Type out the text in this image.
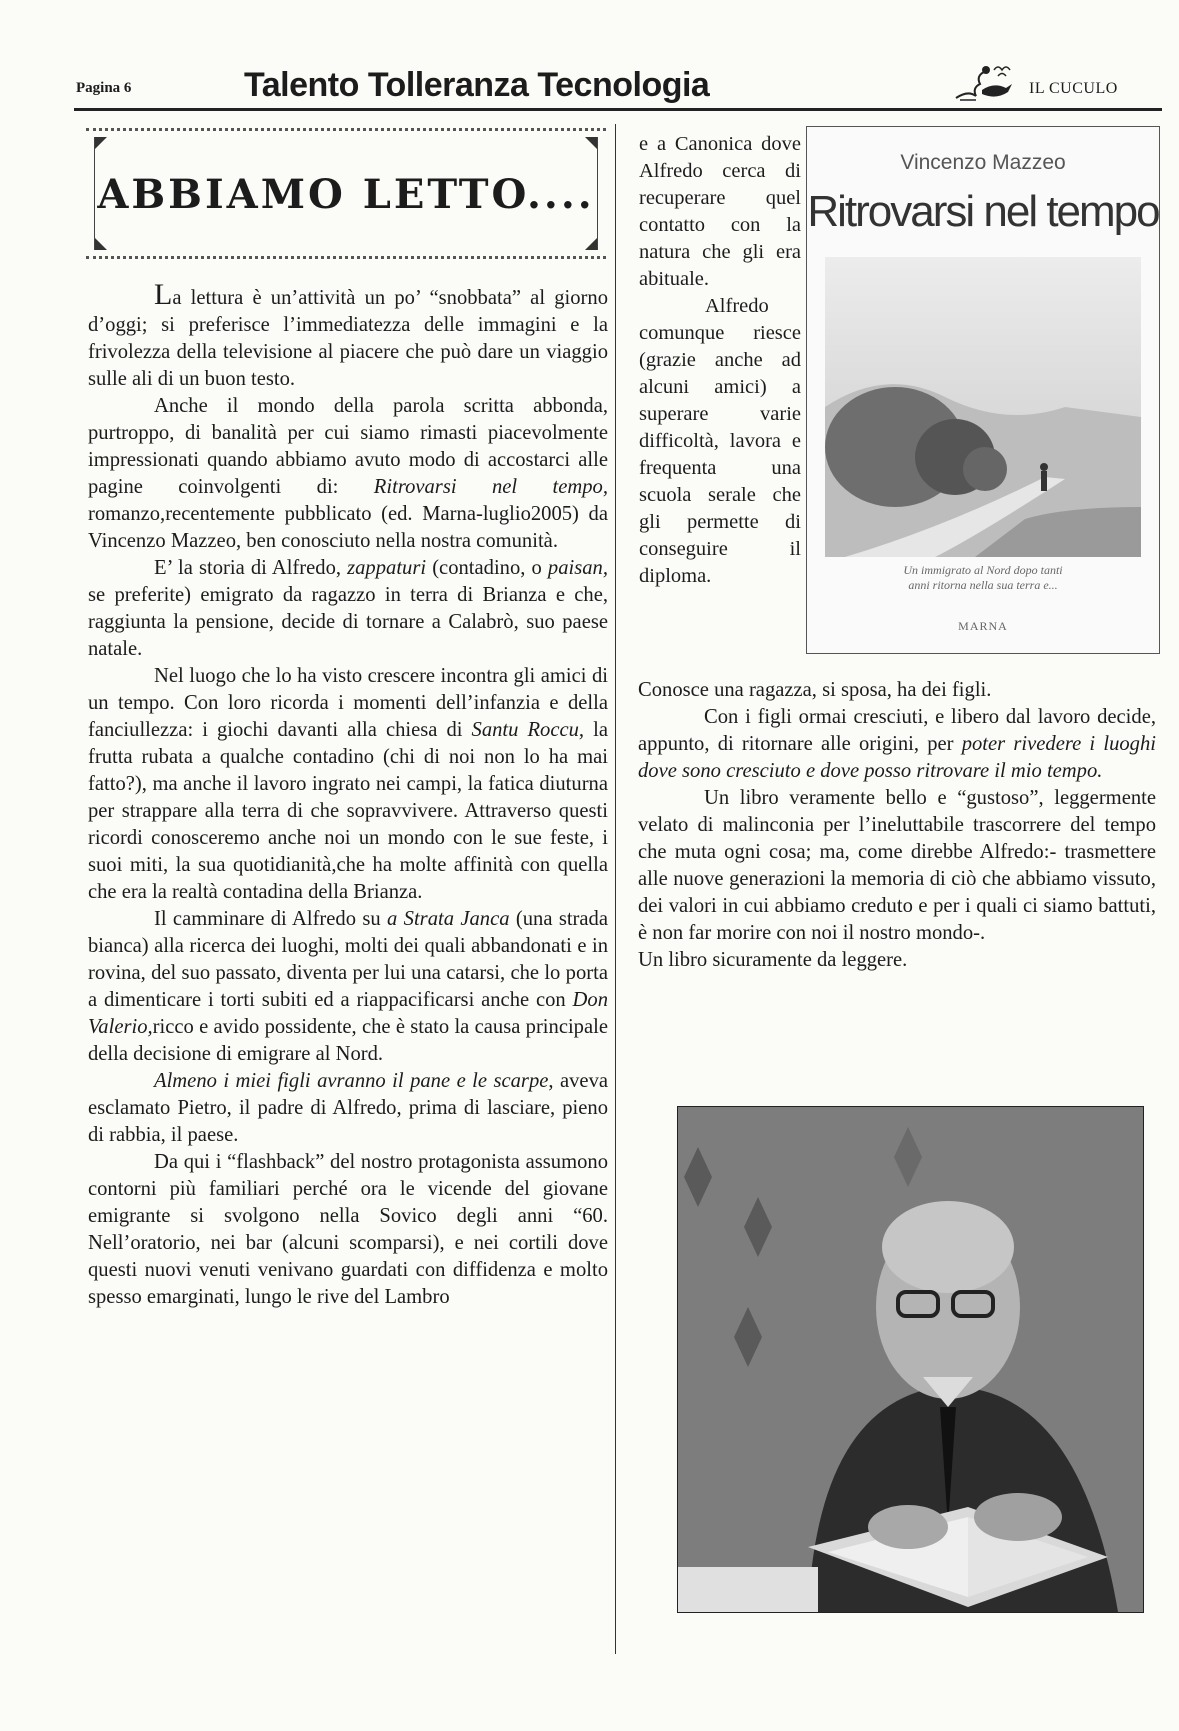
Pagina 6	Talento Tolleranza Tecnologia	IL CUCULO
ABBIAMO LETTO....

La lettura è un’attività un po’ “snobbata” al giorno d’oggi; si preferisce l’immediatezza delle immagini e la frivolezza della televisione al piacere che può dare un viaggio sulle ali di un buon testo.

Anche il mondo della parola scritta abbonda, purtroppo, di banalità per cui siamo rimasti piacevolmente impressionati quando abbiamo avuto modo di accostarci alle pagine coinvolgenti di: Ritrovarsi nel tempo, romanzo,recentemente pubblicato (ed. Marna-luglio2005) da Vincenzo Mazzeo, ben conosciuto nella nostra comunità.

E’ la storia di Alfredo, zappaturi (contadino, o paisan, se preferite) emigrato da ragazzo in terra di Brianza e che, raggiunta la pensione, decide di tornare a Calabrò, suo paese natale.

Nel luogo che lo ha visto crescere incontra gli amici di un tempo. Con loro ricorda i momenti dell’infanzia e della fanciullezza: i giochi davanti alla chiesa di Santu Roccu, la frutta rubata a qualche contadino (chi di noi non lo ha mai fatto?), ma anche il lavoro ingrato nei campi, la fatica diuturna per strappare alla terra di che sopravvivere. Attraverso questi ricordi conosceremo anche noi un mondo con le sue feste, i suoi miti, la sua quotidianità,che ha molte affinità con quella che era la realtà contadina della Brianza.

Il camminare di Alfredo su a Strata Janca (una strada bianca) alla ricerca dei luoghi, molti dei quali abbandonati e in rovina, del suo passato, diventa per lui una catarsi, che lo porta a dimenticare i torti subiti ed a riappacificarsi anche con Don Valerio,ricco e avido possidente, che è stato la causa principale della decisione di emigrare al Nord.

Almeno i miei figli avranno il pane e le scarpe, aveva esclamato Pietro, il padre di Alfredo, prima di lasciare, pieno di rabbia, il paese.

Da qui i “flashback” del nostro protagonista assumono contorni più familiari perché ora le vicende del giovane emigrante si svolgono nella Sovico degli anni “60. Nell’oratorio, nei bar (alcuni scomparsi), e nei cortili dove questi nuovi venuti venivano guardati con diffidenza e molto spesso emarginati, lungo le rive del Lambro

e a Canonica dove Alfredo cerca di recuperare quel contatto con la natura che gli era abituale.

Alfredo comunque riesce (grazie anche ad alcuni amici) a superare varie difficoltà, lavora e frequenta una scuola serale che gli permette di conseguire il diploma.

Vincenzo Mazzeo
Ritrovarsi nel tempo
Un immigrato al Nord dopo tanti
anni ritorna nella sua terra e...
MARNA

Conosce una ragazza, si sposa, ha dei figli.

Con i figli ormai cresciuti, e libero dal lavoro decide, appunto, di ritornare alle origini, per poter rivedere i luoghi dove sono cresciuto e dove posso ritrovare il mio tempo.

Un libro veramente bello e “gustoso”, leggermente velato di malinconia per l’ineluttabile trascorrere del tempo che muta ogni cosa; ma, come direbbe Alfredo:- trasmettere alle nuove generazioni la memoria di ciò che abbiamo vissuto, dei valori in cui abbiamo creduto e per i quali ci siamo battuti, è non far morire con noi il nostro mondo-.

Un libro sicuramente da leggere.
